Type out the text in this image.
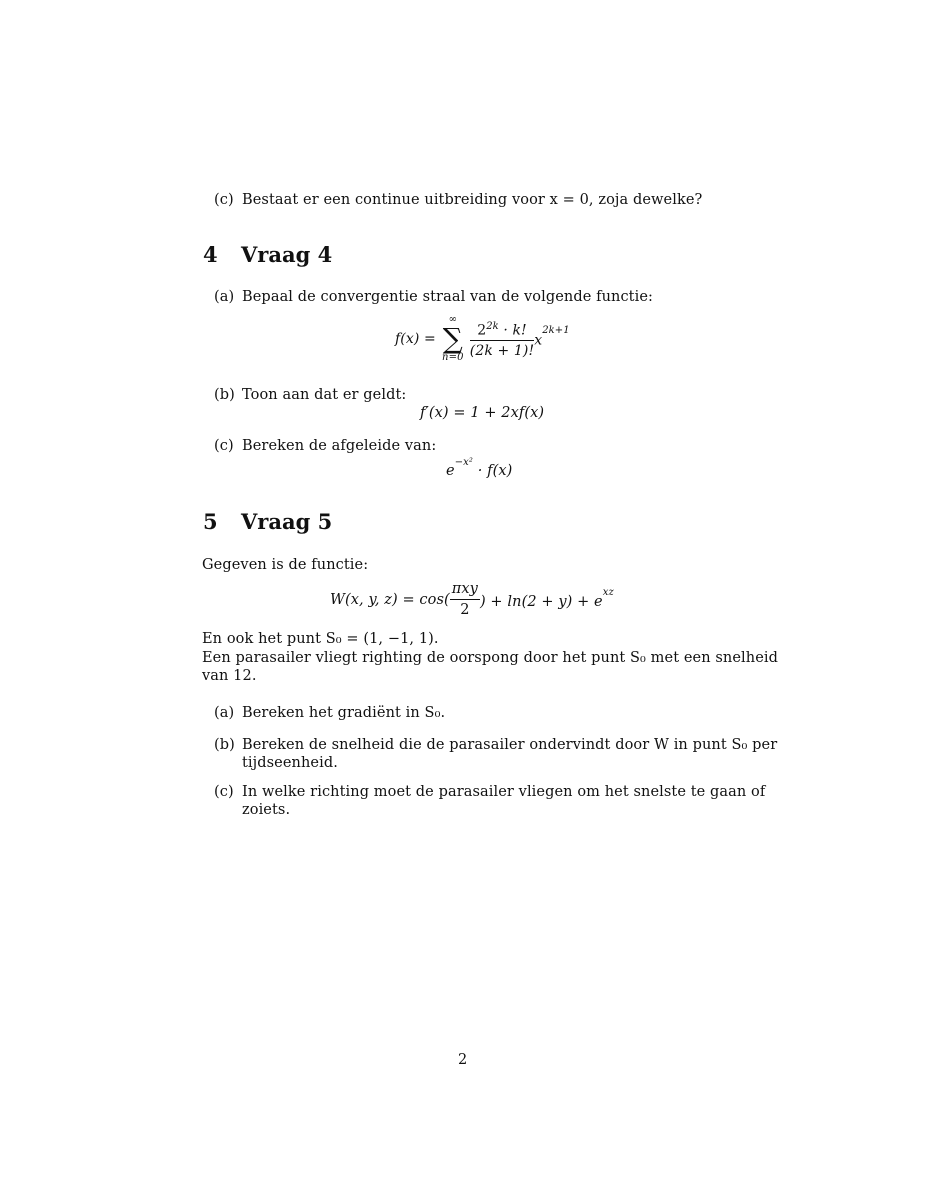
(c) Bestaat er een continue uitbreiding voor x = 0, zoja dewelke?
4 Vraag 4
(a) Bepaal de convergentie straal van de volgende functie:
f(x) =
∞
∑
$n=0 \frac{2^{2k} \cdot k!}{(2k + 1)!} x^{2k+1}$
(b) Toon aan dat er geldt:
f′(x) = 1 + 2xf(x)
(c) Bereken de afgeleide van:
$e^{-x^2} \cdot f(x)$
5 Vraag 5
Gegeven is de functie:
W(x, y, $z) = \cos( \frac{\text{πxy}}{2}$ ) + $\ln(2 + y) + e^{xz}$
En ook het punt S₀ = (1, −1, 1).
Een parasailer vliegt righting de oorspong door het punt S₀ met een snelheid
van 12.
(a) Bereken het gradiënt in S₀.
(b) Bereken de snelheid die de parasailer ondervindt door W in punt S₀ per
tijdseenheid.
(c) In welke richting moet de parasailer vliegen om het snelste te gaan of
zoiets.
2
